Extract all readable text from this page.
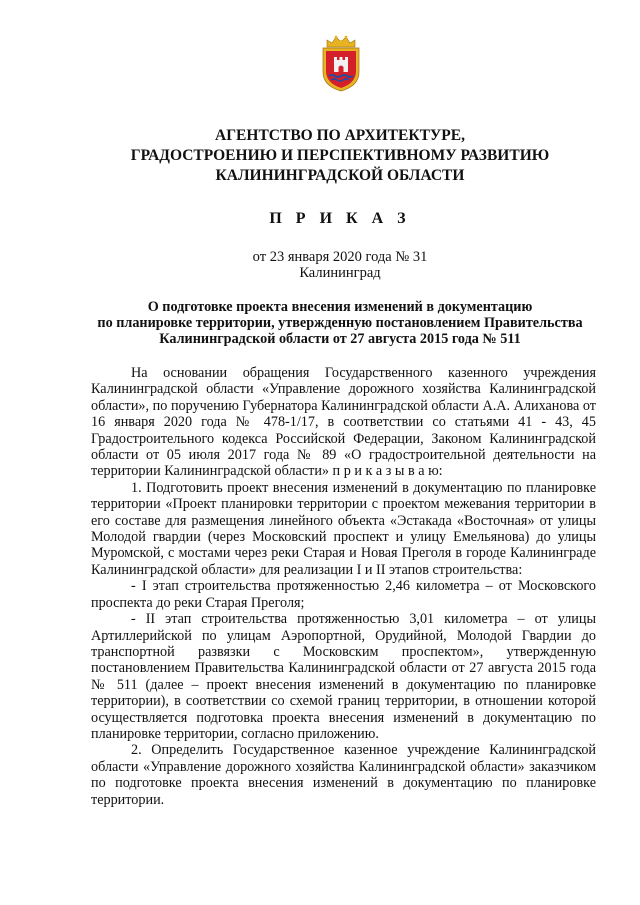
АГЕНТСТВО ПО АРХИТЕКТУРЕ,
ГРАДОСТРОЕНИЮ И ПЕРСПЕКТИВНОМУ РАЗВИТИЮ
КАЛИНИНГРАДСКОЙ ОБЛАСТИ
П Р И К А З
от 23 января 2020 года № 31
Калининград
О подготовке проекта внесения изменений в документацию
по планировке территории, утвержденную постановлением Правительства
Калининградской области от 27 августа 2015 года № 511

На основании обращения Государственного казенного учреждения Калининградской области «Управление дорожного хозяйства Калининградской области», по поручению Губернатора Калининградской области А.А. Алиханова от 16 января 2020 года № 478-1/17, в соответствии со статьями 41 - 43, 45 Градостроительного кодекса Российской Федерации, Законом Калининградской области от 05 июля 2017 года № 89 «О градостроительной деятельности на территории Калининградской области» п р и к а з ы в а ю:

1. Подготовить проект внесения изменений в документацию по планировке территории «Проект планировки территории с проектом межевания территории в его составе для размещения линейного объекта «Эстакада «Восточная» от улицы Молодой гвардии (через Московский проспект и улицу Емельянова) до улицы Муромской, с мостами через реки Старая и Новая Преголя в городе Калининграде Калининградской области» для реализации I и II этапов строительства:

- I этап строительства протяженностью 2,46 километра – от Московского проспекта до реки Старая Преголя;

- II этап строительства протяженностью 3,01 километра – от улицы Артиллерийской по улицам Аэропортной, Орудийной, Молодой Гвардии до транспортной развязки с Московским проспектом», утвержденную постановлением Правительства Калининградской области от 27 августа 2015 года № 511 (далее – проект внесения изменений в документацию по планировке территории), в соответствии со схемой границ территории, в отношении которой осуществляется подготовка проекта внесения изменений в документацию по планировке территории, согласно приложению.

2. Определить Государственное казенное учреждение Калининградской области «Управление дорожного хозяйства Калининградской области» заказчиком по подготовке проекта внесения изменений в документацию по планировке территории.
